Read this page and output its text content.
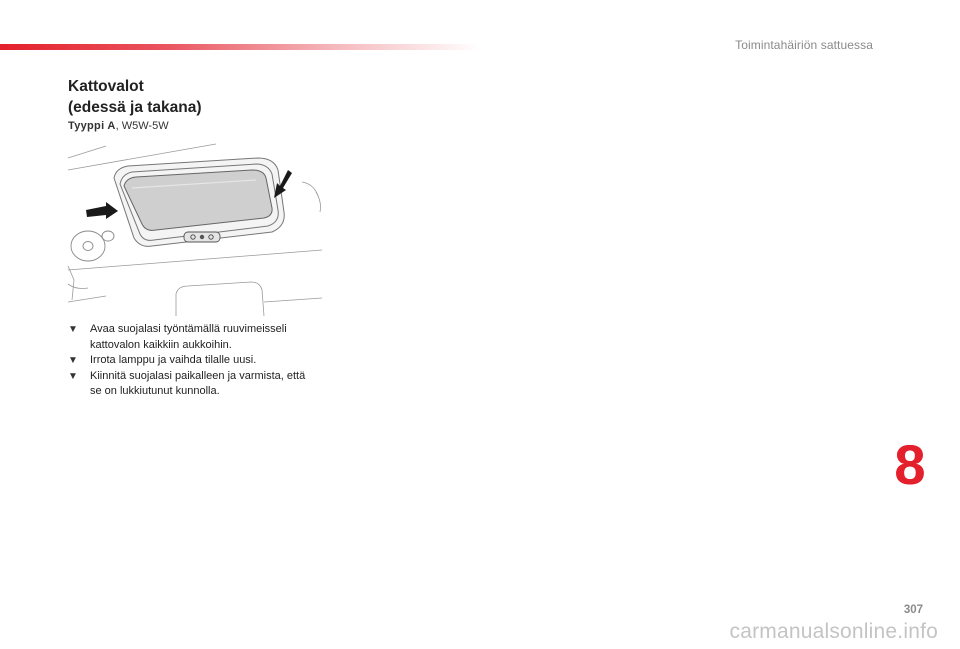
Toimintahäiriön sattuessa
Kattovalot
(edessä ja takana)
Tyyppi A, W5W-5W
▼ Avaa suojalasi työntämällä ruuvimeisseli kattovalon kaikkiin aukkoihin.
▼ Irrota lamppu ja vaihda tilalle uusi.
▼ Kiinnitä suojalasi paikalleen ja varmista, että se on lukkiutunut kunnolla.
8
307
carmanualsonline.info
